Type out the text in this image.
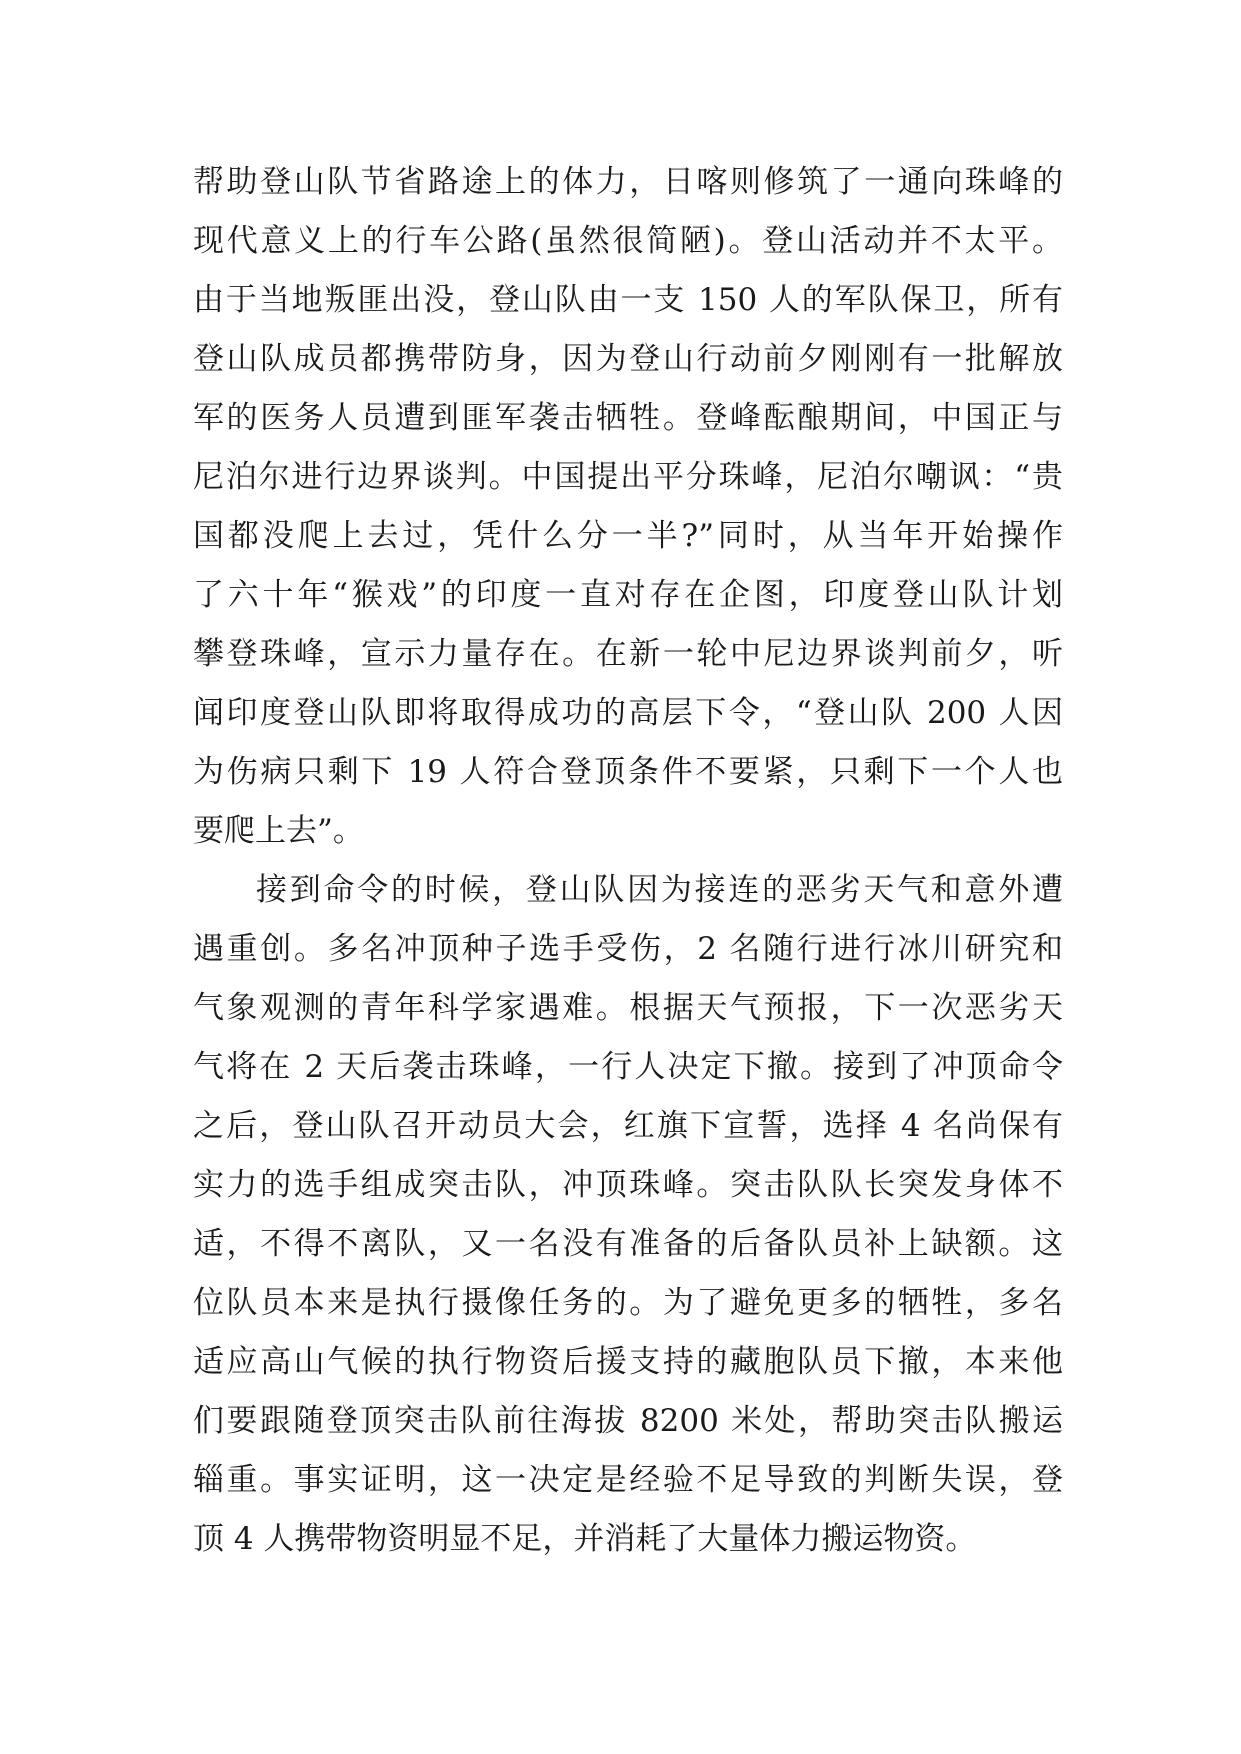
帮助登山队节省路途上的体力，日喀则修筑了一通向珠峰的
现代意义上的行车公路(虽然很简陋)。登山活动并不太平。
由于当地叛匪出没，登山队由一支 150 人的军队保卫，所有
登山队成员都携带防身，因为登山行动前夕刚刚有一批解放
军的医务人员遭到匪军袭击牺牲。登峰酝酿期间，中国正与
尼泊尔进行边界谈判。中国提出平分珠峰，尼泊尔嘲讽：“贵
国都没爬上去过，凭什么分一半?”同时，从当年开始操作
了六十年“猴戏”的印度一直对存在企图，印度登山队计划
攀登珠峰，宣示力量存在。在新一轮中尼边界谈判前夕，听
闻印度登山队即将取得成功的高层下令，“登山队 200 人因
为伤病只剩下 19 人符合登顶条件不要紧，只剩下一个人也
要爬上去”。
接到命令的时候，登山队因为接连的恶劣天气和意外遭
遇重创。多名冲顶种子选手受伤，2 名随行进行冰川研究和
气象观测的青年科学家遇难。根据天气预报，下一次恶劣天
气将在 2 天后袭击珠峰，一行人决定下撤。接到了冲顶命令
之后，登山队召开动员大会，红旗下宣誓，选择 4 名尚保有
实力的选手组成突击队，冲顶珠峰。突击队队长突发身体不
适，不得不离队，又一名没有准备的后备队员补上缺额。这
位队员本来是执行摄像任务的。为了避免更多的牺牲，多名
适应高山气候的执行物资后援支持的藏胞队员下撤，本来他
们要跟随登顶突击队前往海拔 8200 米处，帮助突击队搬运
辎重。事实证明，这一决定是经验不足导致的判断失误，登
顶 4 人携带物资明显不足，并消耗了大量体力搬运物资。
